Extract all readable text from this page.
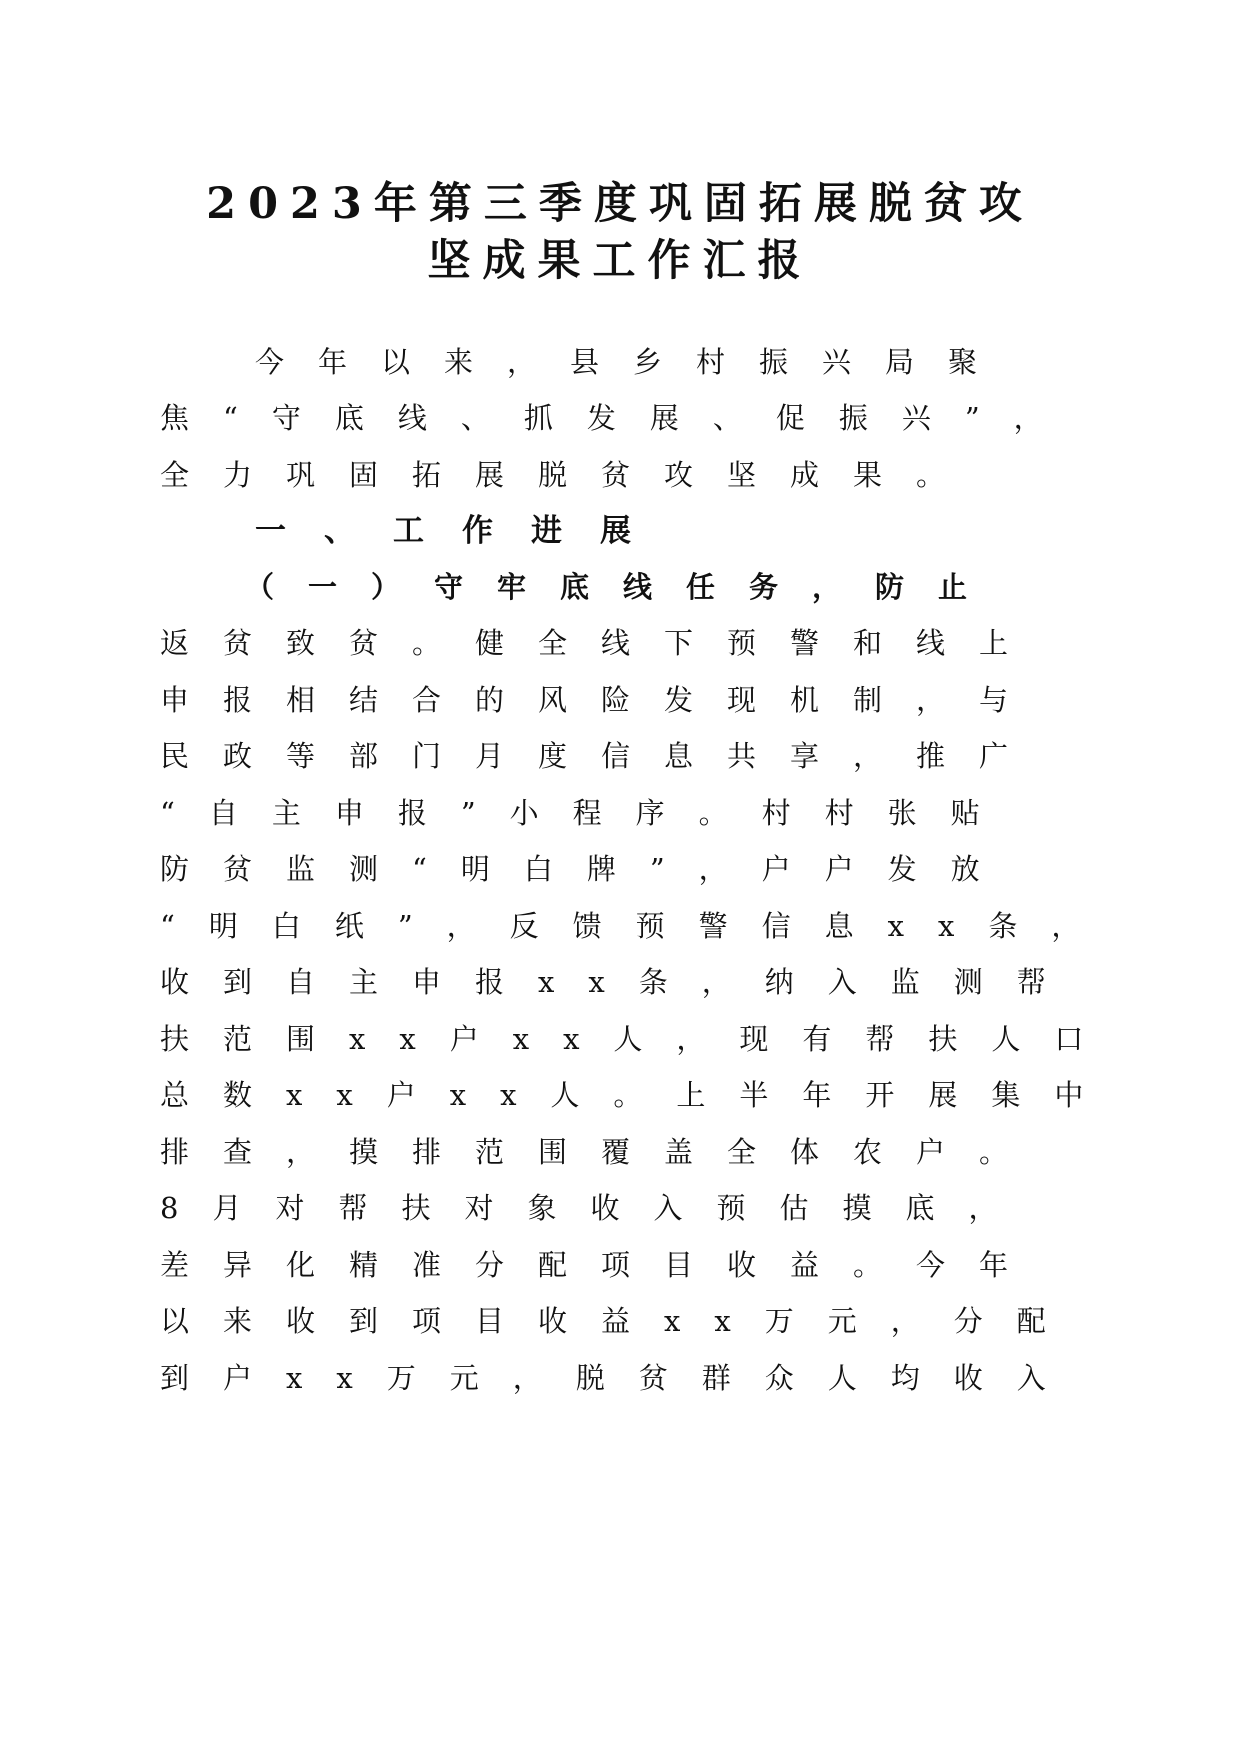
2023年第三季度巩固拓展脱贫攻
坚成果工作汇报
今年以来，县乡村振兴局聚
焦“守底线、抓发展、促振兴”，
全力巩固拓展脱贫攻坚成果。
一、工作进展
（一）守牢底线任务，防止
返贫致贫。健全线下预警和线上
申报相结合的风险发现机制，与
民政等部门月度信息共享，推广
“自主申报”小程序。村村张贴
防贫监测“明白牌”，户户发放
“明白纸”，反馈预警信息xx条，
收到自主申报xx条，纳入监测帮
扶范围xx户xx人，现有帮扶人口
总数xx户xx人。上半年开展集中
排查，摸排范围覆盖全体农户。
8月对帮扶对象收入预估摸底，
差异化精准分配项目收益。今年
以来收到项目收益xx万元，分配
到户xx万元，脱贫群众人均收入
